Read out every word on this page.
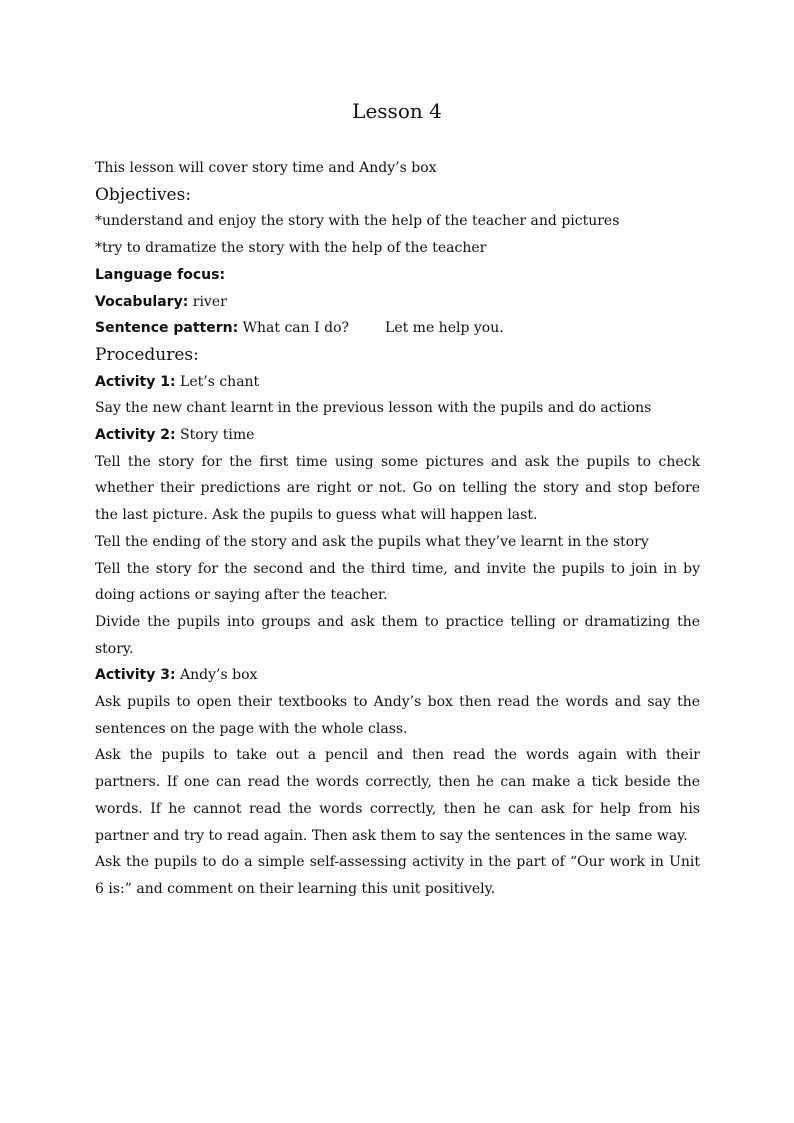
Lesson 4

This lesson will cover story time and Andy’s box

Objectives:

*understand and enjoy the story with the help of the teacher and pictures

*try to dramatize the story with the help of the teacher

Language focus:

Vocabulary: river

Sentence pattern: What can I do?	Let me help you.

Procedures:

Activity 1: Let’s chant

Say the new chant learnt in the previous lesson with the pupils and do actions

Activity 2: Story time

Tell the story for the first time using some pictures and ask the pupils to check whether their predictions are right or not. Go on telling the story and stop before the last picture. Ask the pupils to guess what will happen last.

Tell the ending of the story and ask the pupils what they’ve learnt in the story

Tell the story for the second and the third time, and invite the pupils to join in by doing actions or saying after the teacher.

Divide the pupils into groups and ask them to practice telling or dramatizing the story.

Activity 3: Andy’s box

Ask pupils to open their textbooks to Andy’s box then read the words and say the sentences on the page with the whole class.

Ask the pupils to take out a pencil and then read the words again with their partners. If one can read the words correctly, then he can make a tick beside the words. If he cannot read the words correctly, then he can ask for help from his partner and try to read again. Then ask them to say the sentences in the same way.

Ask the pupils to do a simple self-assessing activity in the part of “Our work in Unit 6 is:” and comment on their learning this unit positively.
